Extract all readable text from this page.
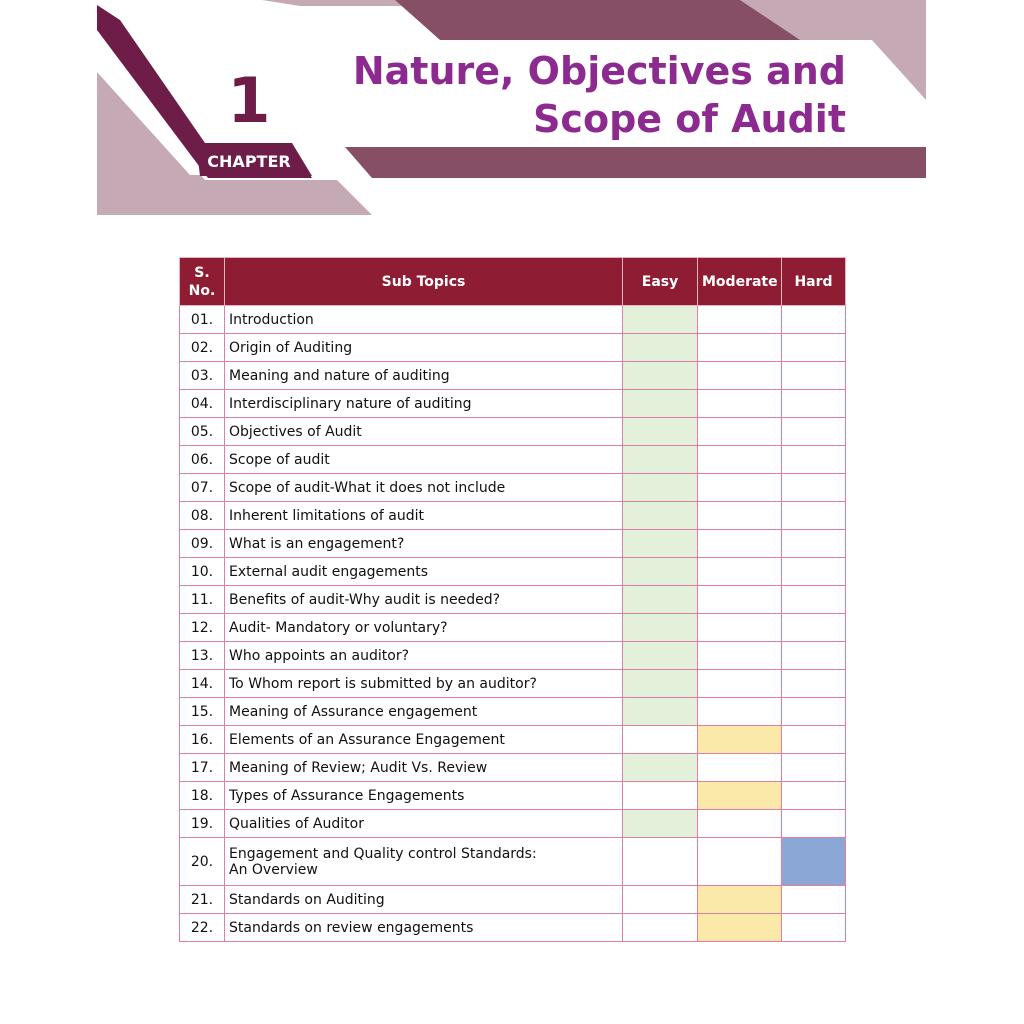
1
CHAPTER
Nature, Objectives and
Scope of Audit
S. No.	Sub Topics	Easy	Moderate	Hard
01.	Introduction			
02.	Origin of Auditing			
03.	Meaning and nature of auditing			
04.	Interdisciplinary nature of auditing			
05.	Objectives of Audit			
06.	Scope of audit			
07.	Scope of audit-What it does not include			
08.	Inherent limitations of audit			
09.	What is an engagement?			
10.	External audit engagements			
11.	Benefits of audit-Why audit is needed?			
12.	Audit- Mandatory or voluntary?			
13.	Who appoints an auditor?			
14.	To Whom report is submitted by an auditor?			
15.	Meaning of Assurance engagement			
16.	Elements of an Assurance Engagement			
17.	Meaning of Review; Audit Vs. Review			
18.	Types of Assurance Engagements			
19.	Qualities of Auditor			
20.	Engagement and Quality control Standards:
An Overview			
21.	Standards on Auditing			
22.	Standards on review engagements			
